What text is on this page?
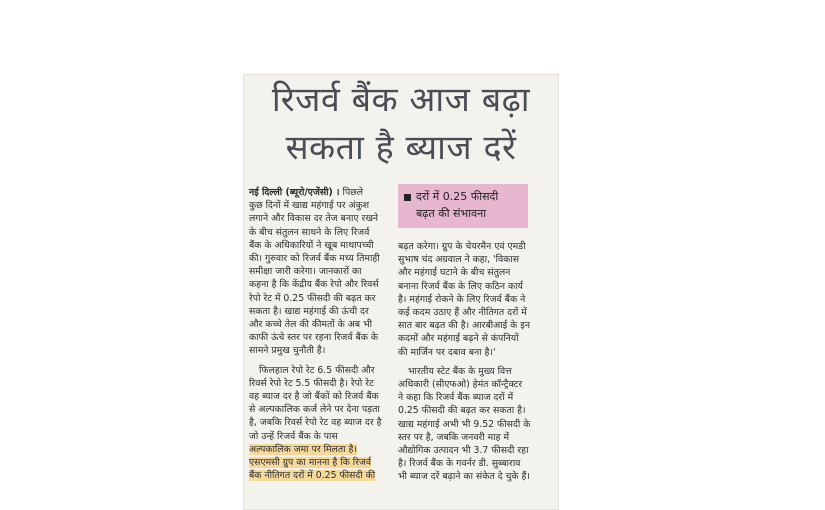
रिजर्व बैंक आज बढ़ा
सकता है ब्याज दरें

नई दिल्ली (ब्यूरो/एजेंसी) । पिछले

कुछ दिनों में खाद्य महंगाई पर अंकुश

लगाने और विकास दर तेज बनाए रखने

के बीच संतुलन साधने के लिए रिजर्व

बैंक के अधिकारियों ने खूब माथापच्ची

की। गुरुवार को रिजर्व बैंक मध्य तिमाही

समीक्षा जारी करेगा। जानकारों का

कहना है कि केंद्रीय बैंक रेपो और रिवर्स

रेपो रेट में 0.25 फीसदी की बढ़त कर

सकता है। खाद्य महंगाई की ऊंची दर

और कच्चे तेल की कीमतों के अब भी

काफी ऊंचे स्तर पर रहना रिजर्व बैंक के

सामने प्रमुख चुनौती है।

फिलहाल रेपो रेट 6.5 फीसदी और

रिवर्स रेपो रेट 5.5 फीसदी है। रेपो रेट

वह ब्याज दर है जो बैंकों को रिजर्व बैंक

से अल्पकालिक कर्ज लेने पर देना पड़ता

है, जबकि रिवर्स रेपो रेट वह ब्याज दर है

जो उन्हें रिजर्व बैंक के पास

अल्पकालिक जमा पर मिलता है।

एसएमसी ग्रुप का मानना है कि रिजर्व

बैंक नीतिगत दरों में 0.25 फीसदी की

दरों में 0.25 फीसदी

बढ़त की संभावना

बढ़त करेगा। ग्रुप के चेयरमैन एवं एमडी

सुभाष चंद अग्रवाल ने कहा, 'विकास

और महंगाई घटाने के बीच संतुलन

बनाना रिजर्व बैंक के लिए कठिन कार्य

है। महंगाई रोकने के लिए रिजर्व बैंक ने

कई कदम उठाए हैं और नीतिगत दरों में

सात बार बढ़त की है। आरबीआई के इन

कदमों और महंगाई बढ़ने से कंपनियों

की मार्जिन पर दबाव बना है।'

भारतीय स्टेट बैंक के मुख्य वित्त

अधिकारी (सीएफओ) हेमंत कॉन्ट्रैक्टर

ने कहा कि रिजर्व बैंक ब्याज दरों में

0.25 फीसदी की बढ़त कर सकता है।

खाद्य महंगाई अभी भी 9.52 फीसदी के

स्तर पर है, जबकि जनवरी माह में

औद्योगिक उत्पादन भी 3.7 फीसदी रहा

है। रिजर्व बैंक के गवर्नर डी. सुब्बाराव

भी ब्याज दरें बढ़ाने का संकेत दे चुके हैं।
